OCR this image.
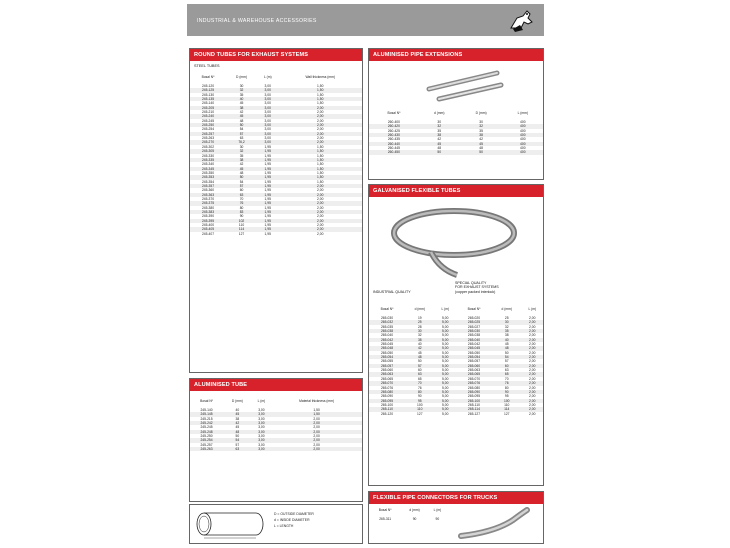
INDUSTRIAL & WAREHOUSE ACCESSORIES
ROUND TUBES FOR EXHAUST SYSTEMS
STEEL TUBES
Bosal Nº	D (mm)	L (m)	Wall thickness (mm)
245-120	30	3,00	1,50
245-125	32	3,00	1,50
245-130	35	3,00	1,50
245-135	40	3,00	1,50
245-140	45	3,00	1,50
245-205	38	3,00	2,00
245-210	42	3,00	2,00
245-240	45	3,00	2,00
245-245	48	3,00	2,00
245-250	50	3,00	2,00
245-254	54	3,00	2,00
245-257	57	3,00	2,00
245-263	63	3,00	2,00
245-270	76,2	3,00	2,00
245-302	30	1,95	1,50
245-305	32	1,95	1,50
245-330	35	1,95	1,50
245-335	38	1,95	1,50
245-340	42	1,95	1,50
245-345	45	1,95	1,50
245-350	48	1,95	1,50
245-353	50	1,95	1,50
245-354	54	1,95	1,50
245-357	57	1,95	2,00
245-360	60	1,95	2,00
245-363	63	1,95	2,00
245-370	70	1,95	2,00
245-375	76	1,95	2,00
245-380	80	1,95	2,00
245-383	83	1,95	2,00
245-390	90	1,95	2,00
245-395	102	1,95	2,00
245-400	110	1,95	2,00
245-405	114	1,95	2,00
245-407	127	1,95	2,00
ALUMINISED TUBE
Bosal Nº	D (mm)	L (m)	Material thickness (mm)
245-140	40	3,00	1,50
245-145	45	3,00	1,50
245-215	38	3,00	2,00
245-242	42	3,00	2,00
245-245	45	3,00	2,00
245-248	48	3,00	2,00
245-250	50	3,00	2,00
245-254	54	3,00	2,00
245-257	57	3,00	2,00
245-263	63	3,00	2,00
D = OUTSIDE DIAMETER
d = INSIDE DIAMETER
L = LENGTH
ALUMINISED PIPE EXTENSIONS
Bosal Nº	d (mm)	D (mm)	L (mm)
260-400	30	30	400
260-420	32	32	400
260-425	35	35	400
260-430	38	38	400
260-435	42	42	400
260-440	45	45	400
260-445	48	48	400
260-450	50	50	400
GALVANISED FLEXIBLE TUBES
INDUSTRIAL QUALITY
SPECIAL QUALITY
FOR EXHAUST SYSTEMS
(copper packed interlock)
Bosal Nº	d (mm)	L (m)	Bosal Nº	d (mm)	L (m)
265-030	19	5,00	265-020	25	2,00
265-032	25	5,00	265-025	30	2,00
265-035	28	5,00	265-027	32	2,00
265-038	30	5,00	265-030	35	2,00
265-040	32	5,00	265-038	38	2,00
265-042	38	5,00	265-040	40	2,00
265-045	40	5,00	265-042	45	2,00
265-048	42	5,00	265-045	48	2,00
265-050	45	5,00	265-050	50	2,00
265-054	48	5,00	265-054	54	2,00
265-055	50	5,00	265-057	57	2,00
265-057	57	5,00	265-060	60	2,00
265-060	60	5,00	265-063	63	2,00
265-063	63	5,00	265-065	65	2,00
265-065	65	5,00	265-070	70	2,00
265-070	70	5,00	265-076	76	2,00
265-076	76	5,00	265-080	80	2,00
265-080	80	5,00	265-090	90	2,00
265-090	90	5,00	265-095	95	2,00
265-095	95	5,00	265-100	100	2,00
265-100	100	5,00	265-110	110	2,00
265-110	110	5,00	265-114	114	2,00
265-120	127	5,00	265-127	127	2,00
FLEXIBLE PIPE CONNECTORS FOR TRUCKS
Bosal Nº	d (mm)	L (m)
265-311	90	90
